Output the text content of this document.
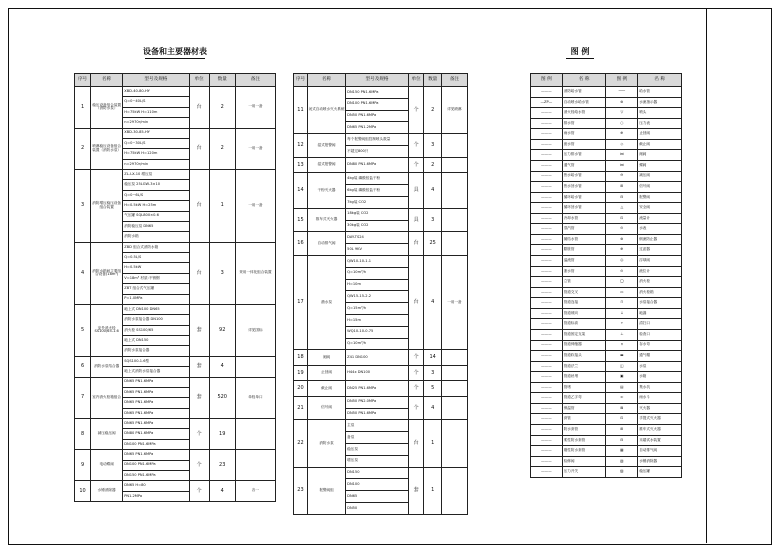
设备和主要器材表	图 例
序号	名称	型号及规格	单位	数量	备注
1	稳压设备组合装置（消防水泵）	XBD-40-80-HY	台	2	一用一备
		Q=0~40L/S			
		H=75kW H=110m			
		n=2970r/min			
2	喷淋稳压设备组合装置（消防水泵）	XBD-30-85-HY	台	2	一用一备
		Q=0~30L/S			
		H=75kW H=120m			
		n=2970r/min			
3	消防增压稳压设备组合装置	ZL-I-X-10 增压泵	台	1	一用一备
		稳压泵 25LGW-3×10			
		Q=0~6L/S			
		H=0.5kW H=25m			
		气压罐 SQL800×0.6			
		消防稳压泵 DN65			
		消防水箱			
4	消防水箱间主要组合设备(18m³)	ZBD 组合式消防水箱	台	3	采用一体化组合装置
		Q=0.5L/S			
		H=0.5kW			
		V=18m³ 材质:不锈钢			
		ZBT 组合式气压罐			
		P=1.0MPa			
5	室外消火栓 SS100/65-1.6	地上式 DN100 DN65	套	92	详见国标
		消防水泵接合器 DN100			
		消火栓 SS100/65			
		地上式 DN150			
		消防水泵接合器			
6	消防水泵结合器	SQS100-1.6型	套	4	
		地上式消防水泵接合器			
7	室内消火栓箱组合	DN65 PN1.6MPa	套	520	单栓单口
		DN65 PN1.6MPa			
		DN65 PN1.6MPa			
		DN65 PN1.6MPa			
8	减压稳压阀	DN65 PN1.6MPa	个	19	
		DN80 PN1.6MPa			
		DN100 PN1.6MPa			
9	电动蝶阀	DN65 PN1.6MPa	个	23	
		DN100 PN1.6MPa			
		DN150 PN1.6MPa			
10	水锤消除器	DN65 H=80	个	4	各一
		PN1.2MPa			
序号	名称	型号及规格	单位	数量	备注
11	闭式自动喷水灭火系统	DN150 PN1.6MPa	个	2	详见喷淋
		DN100 PN1.6MPa			
		DN50 PN1.6MPa			
		DN65 PN1.2MPa			
12	湿式报警阀	每个报警阀组控制喷头数量	个	3	
		不超过800只			
13	湿式报警阀	DN80 PN1.6MPa	个	2	
14	干粉灭火器	4kg装 磷酸铵盐干粉	具	4	
		6kg装 磷酸铵盐干粉			
		7kg装 CO2			
15	推车式灭火器	18kg装 CO2	具	3	
		30kg装 CO2			
16	自动排气阀	DAY-TS24	台	25	
		50L 9KV			
17	潜水泵	QW10-10-1.1	台	4	一用一备
		Q=10m³/h			
		H=10m			
		QW15-15-2.2			
		Q=15m³/h			
		H=15m			
		WQ10-10-0.75			
		Q=10m³/h			
18	闸阀	Z41 DN100	个	14	
19	止回阀	H44x DN100	个	3	
20	截止阀	DN25 PN1.6MPa	个	5	
21	信号阀	DN50 PN2.0MPa	个	4	
		DN50 PN1.6MPa			
22	消防水泵	主泵	台	1	
		备泵			
		稳压泵			
		增压泵			
23	报警阀组	DN150	套	1	
		DN100			
		DN65			
		DN50			
图 例	名 称	图 例	名 称
———	消防给水管	───	给水管
—ZP—	自动喷水给水管	⊗	水流指示器
———	消火栓给水管	▽	喷头
———	排水管	○	压力表
———	雨水管	⊕	止回阀
———	废水管	◇	截止阀
———	压力排水管	⋈	闸阀
———	通气管	⋈	蝶阀
———	热水给水管	⊖	减压阀
———	热水回水管	⊞	信号阀
———	循环给水管	⊟	报警阀
———	循环回水管	△	安全阀
———	冷却水管	⊡	流量计
———	蒸汽管	⊙	水表
———	凝结水管	⊗	倒流防止器
———	膨胀管	⊕	过滤器
———	溢流管	◎	浮球阀
———	泄水管	⊙	液位计
———	立管	◯	消火栓
———	管道交叉	▭	消火栓箱
———	管道连接	⊓	水泵接合器
———	管道坡向	↓	地漏
———	管道标高	▿	清扫口
———	管道固定支架	⊥	检查口
———	管道伸缩器	∩	存水弯
———	管道软接头	▬	通气帽
———	管道法兰	◫	水泵
———	管道丝堵	▣	水箱
———	管堵	▤	集水坑
———	管道乙字弯	⊏	雨水斗
———	保温管	⊠	灭火器
———	套管	⊡	手提式灭火器
———	防水套管	⊞	推车式灭火器
———	柔性防水套管	⊟	末端试水装置
———	刚性防水套管	▦	自动排气阀
———	检修阀	▧	水锤消除器
———	压力开关	▨	稳压罐
